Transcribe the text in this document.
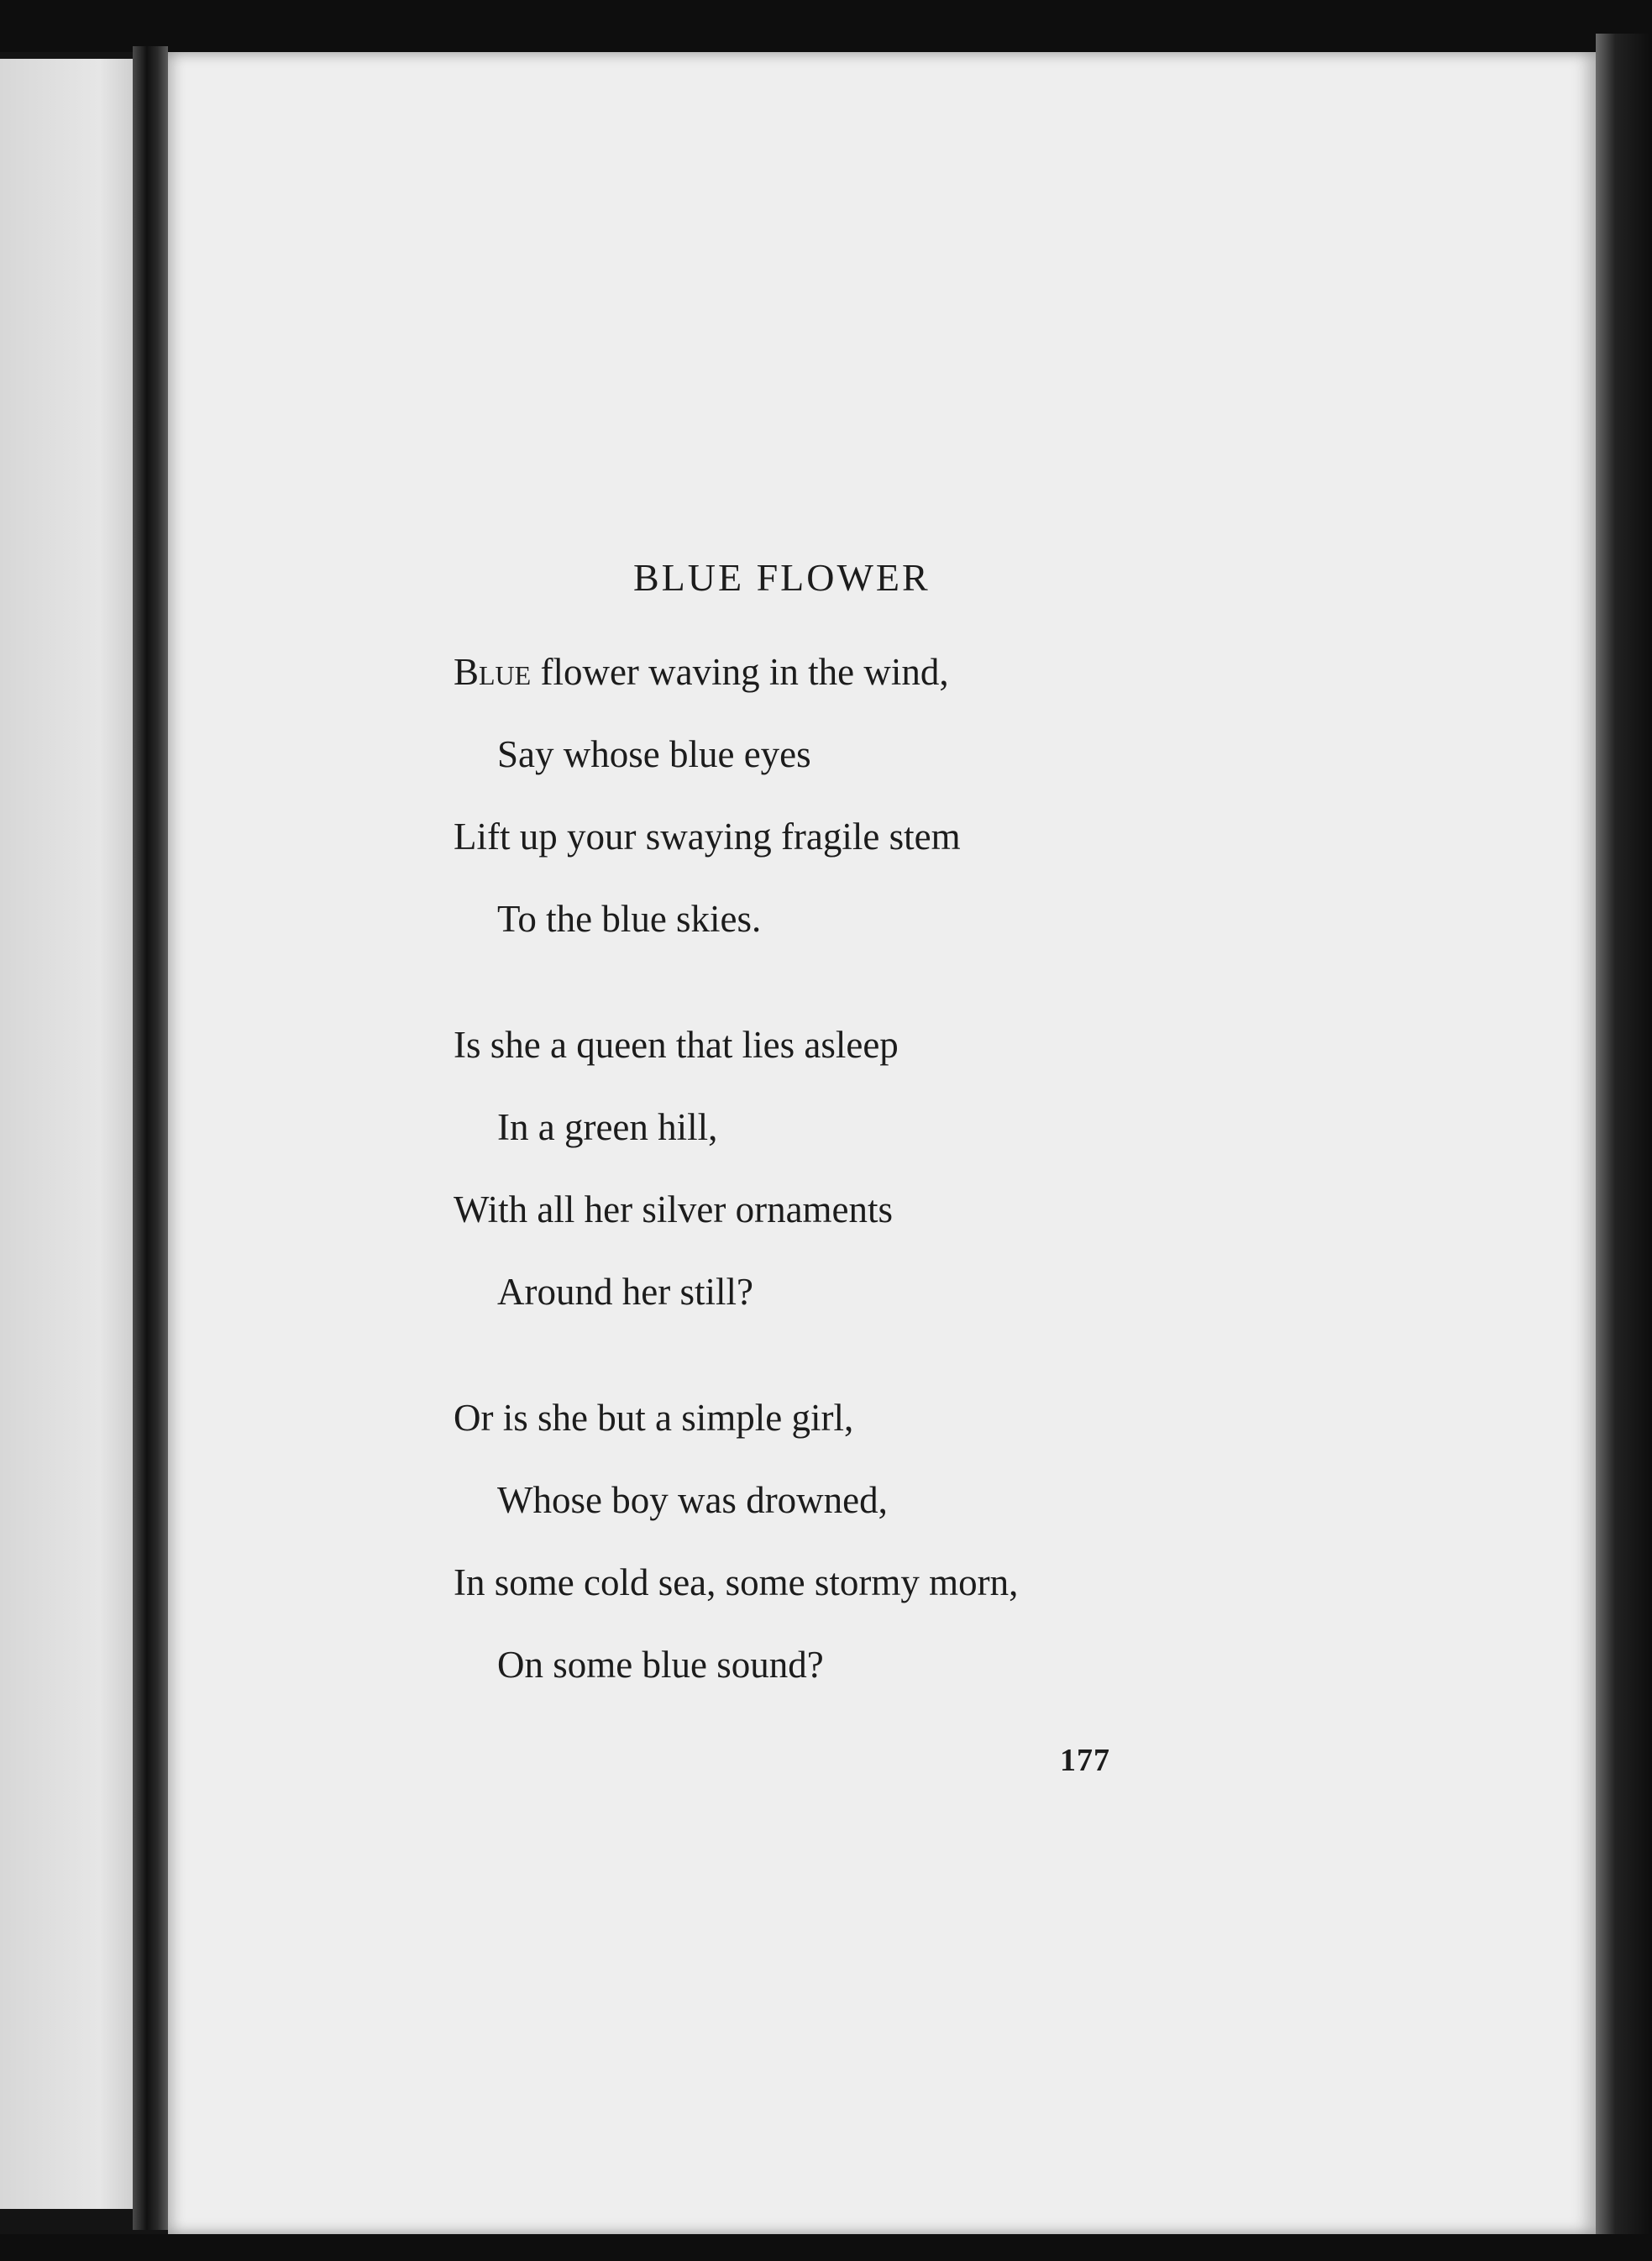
BLUE FLOWER
Blue flower waving in the wind,
Say whose blue eyes
Lift up your swaying fragile stem
To the blue skies.
Is she a queen that lies asleep
In a green hill,
With all her silver ornaments
Around her still?
Or is she but a simple girl,
Whose boy was drowned,
In some cold sea, some stormy morn,
On some blue sound?
177
